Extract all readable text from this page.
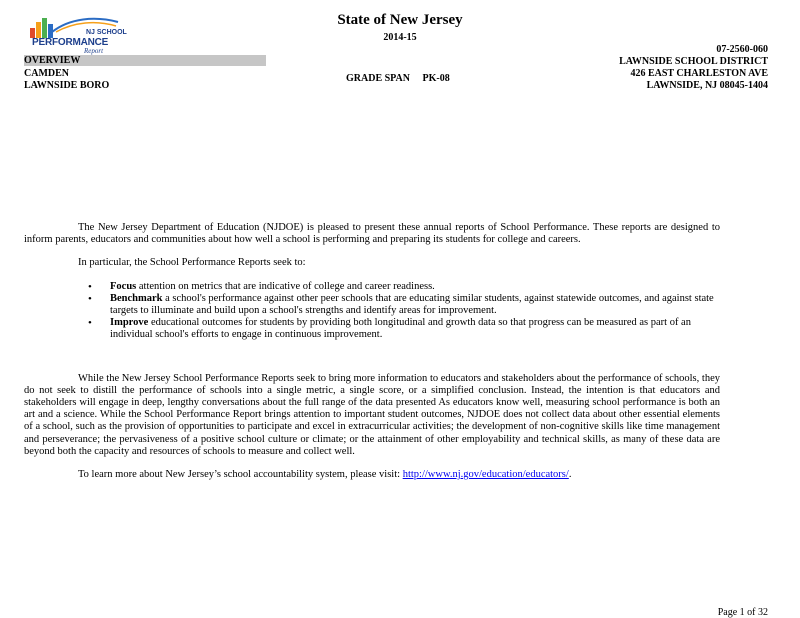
NJ SCHOOL
PERFORMANCE
Report
State of New Jersey
2014-15
OVERVIEW
CAMDEN
LAWNSIDE BORO
GRADE SPAN PK-08
07-2560-060
LAWNSIDE SCHOOL DISTRICT
426 EAST CHARLESTON AVE
LAWNSIDE, NJ 08045-1404

The New Jersey Department of Education (NJDOE) is pleased to present these annual reports of School Performance. These reports are designed to inform parents, educators and communities about how well a school is performing and preparing its students for college and careers.

In particular, the School Performance Reports seek to:

• Focus attention on metrics that are indicative of college and career readiness.
• Benchmark a school's performance against other peer schools that are educating similar students, against statewide outcomes, and against state targets to illuminate and build upon a school's strengths and identify areas for improvement.
• Improve educational outcomes for students by providing both longitudinal and growth data so that progress can be measured as part of an individual school's efforts to engage in continuous improvement.

While the New Jersey School Performance Reports seek to bring more information to educators and stakeholders about the performance of schools, they do not seek to distill the performance of schools into a single metric, a single score, or a simplified conclusion. Instead, the intention is that educators and stakeholders will engage in deep, lengthy conversations about the full range of the data presented As educators know well, measuring school performance is both an art and a science. While the School Performance Report brings attention to important student outcomes, NJDOE does not collect data about other essential elements of a school, such as the provision of opportunities to participate and excel in extracurricular activities; the development of non-cognitive skills like time management and perseverance; the pervasiveness of a positive school culture or climate; or the attainment of other employability and technical skills, as many of these data are beyond both the capacity and resources of schools to measure and collect well.

To learn more about New Jersey’s school accountability system, please visit: http://www.nj.gov/education/educators/.

Page 1 of 32
